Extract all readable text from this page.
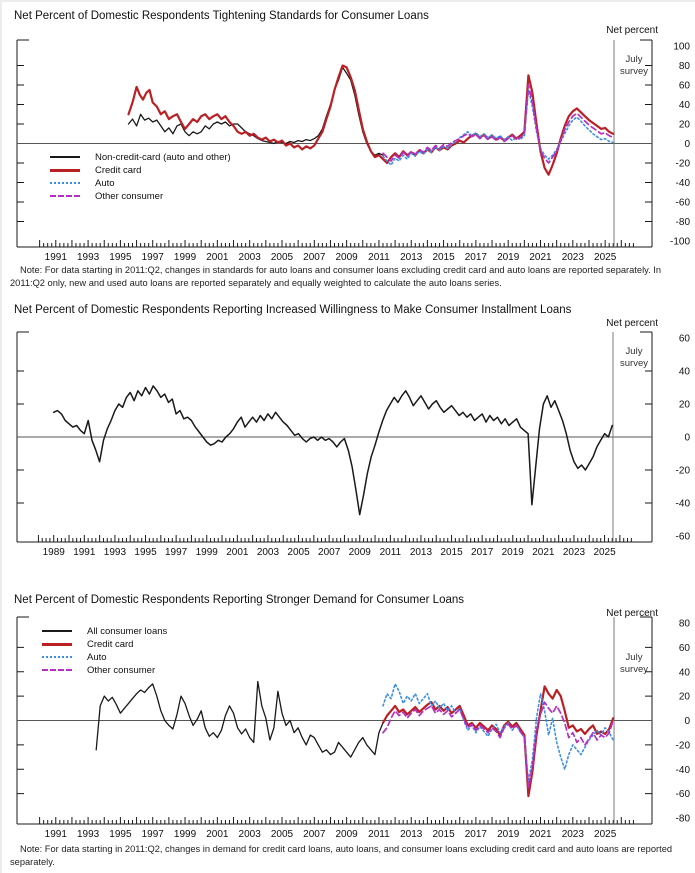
Net Percent of Domestic Respondents Tightening Standards for Consumer Loans
Net percent
-100
-80
-60
-40
-20
0
20
40
60
80
100
1991 1993 1995 1997 1999 2001 2003 2005 2007 2009 2011 2013 2015 2017 2019 2021 2023 2025
July survey
Non-credit-card (auto and other)
Credit card
Auto
Other consumer

Note: For data starting in 2011:Q2, changes in standards for auto loans and consumer loans excluding credit card and auto loans are reported separately. In 2011:Q2 only, new and used auto loans are reported separately and equally weighted to calculate the auto loans series.

Net Percent of Domestic Respondents Reporting Increased Willingness to Make Consumer Installment Loans
Net percent
-60
-40
-20
0
20
40
60
1989 1991 1993 1995 1997 1999 2001 2003 2005 2007 2009 2011 2013 2015 2017 2019 2021 2023 2025
July survey
Net Percent of Domestic Respondents Reporting Stronger Demand for Consumer Loans
Net percent
-80
-60
-40
-20
0
20
40
60
80
1991 1993 1995 1997 1999 2001 2003 2005 2007 2009 2011 2013 2015 2017 2019 2021 2023 2025
July survey
All consumer loans
Credit card
Auto
Other consumer

Note: For data starting in 2011:Q2, changes in demand for credit card loans, auto loans, and consumer loans excluding credit card and auto loans are reported separately.
